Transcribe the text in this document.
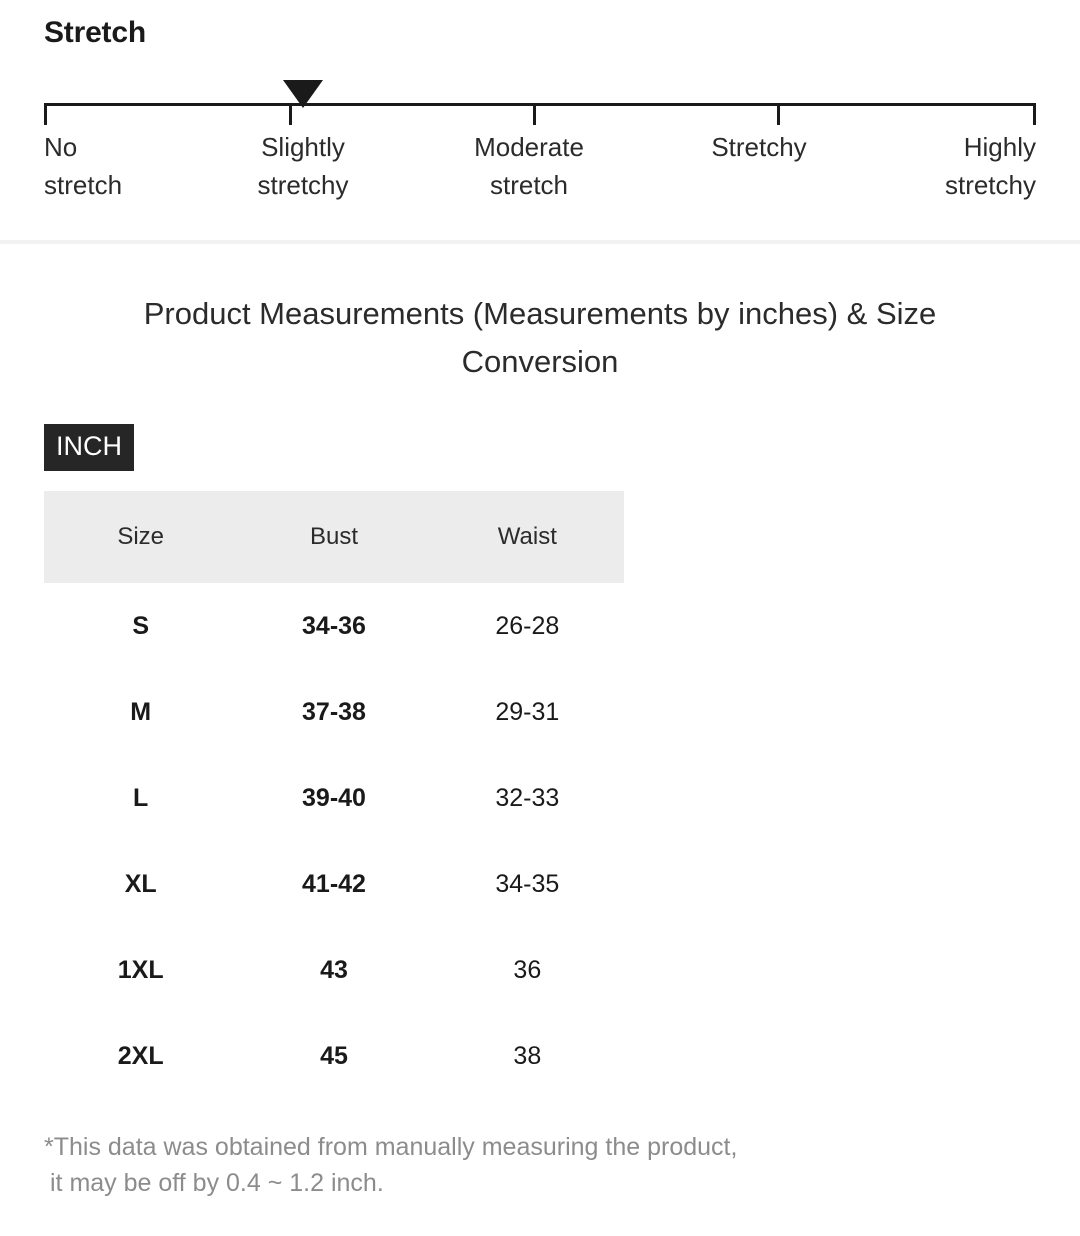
Stretch
No
stretch
Slightly
stretchy
Moderate
stretch
Stretchy	Highly
stretchy
Product Measurements (Measurements by inches) & Size Conversion
INCH
Size	Bust	Waist
S	34-36	26-28
M	37-38	29-31
L	39-40	32-33
XL	41-42	34-35
1XL	43	36
2XL	45	38
*This data was obtained from manually measuring the product,
it may be off by 0.4 ~ 1.2 inch.
